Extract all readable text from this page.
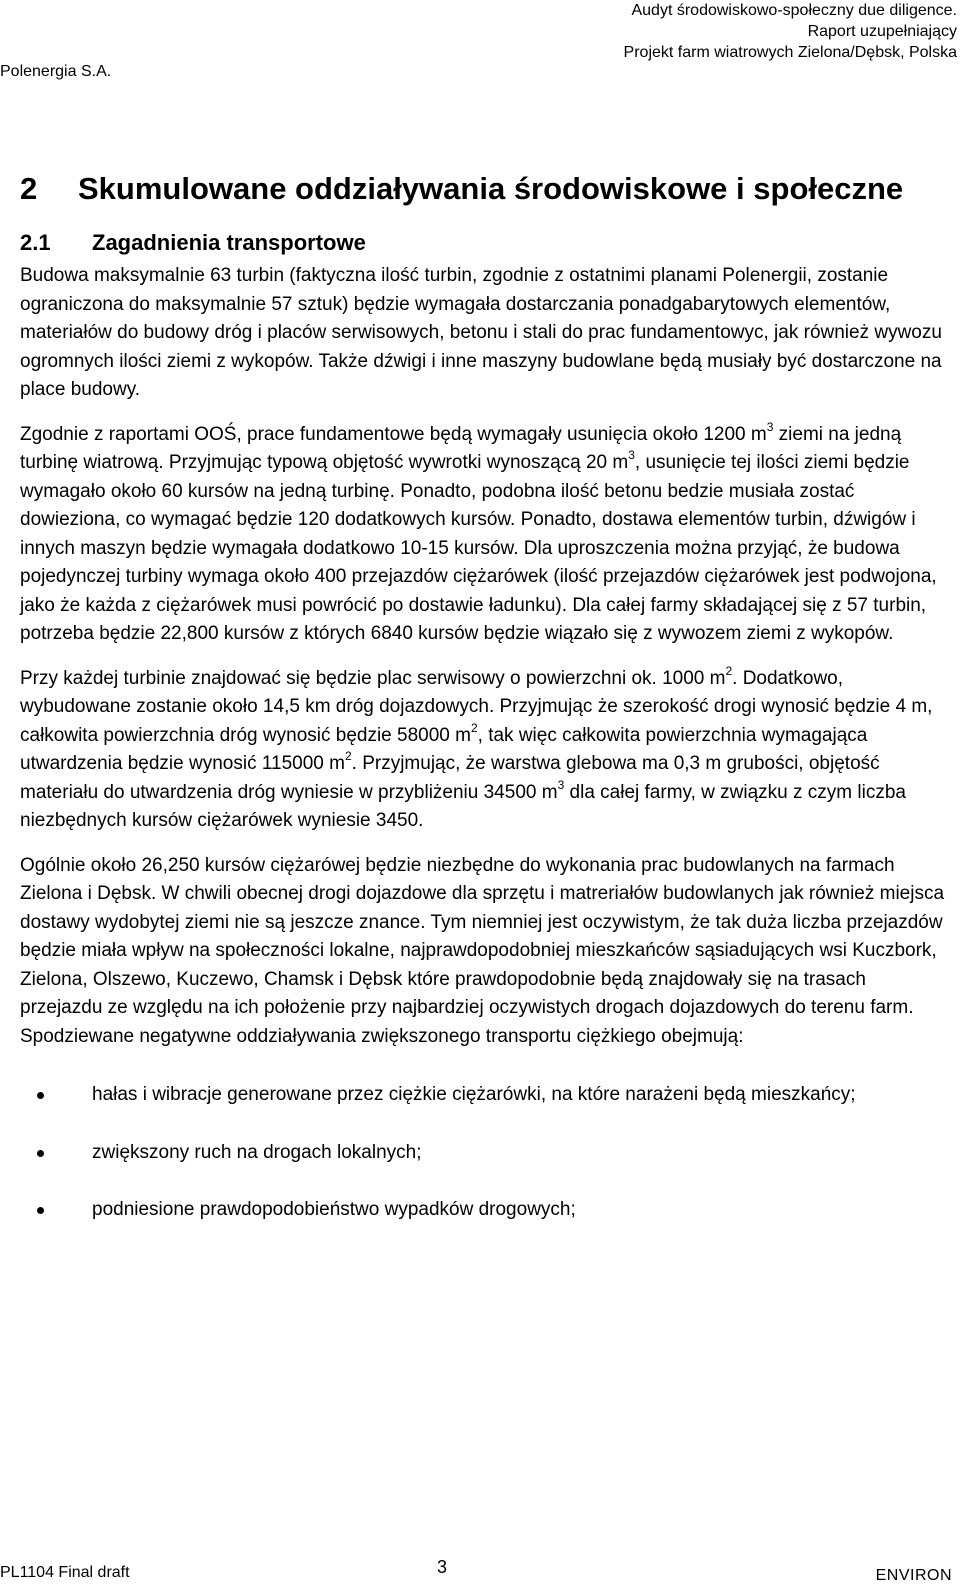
Polenergia S.A.
Audyt środowiskowo-społeczny due diligence.
Raport uzupełniający
Projekt farm wiatrowych Zielona/Dębsk, Polska
2	Skumulowane oddziaływania środowiskowe i społeczne
2.1	Zagadnienia transportowe

Budowa maksymalnie 63 turbin (faktyczna ilość turbin, zgodnie z ostatnimi planami Polenergii, zostanie ograniczona do maksymalnie 57 sztuk) będzie wymagała dostarczania ponadgabarytowych elementów, materiałów do budowy dróg i placów serwisowych, betonu i stali do prac fundamentowyc, jak również wywozu ogromnych ilości ziemi z wykopów. Także dźwigi i inne maszyny budowlane będą musiały być dostarczone na place budowy.

Zgodnie z raportami OOŚ, prace fundamentowe będą wymagały usunięcia około 1200 $m^3$ ziemi na jedną turbinę wiatrową. Przyjmując typową objętość wywrotki wynoszącą 20 $m^3$, usunięcie tej ilości ziemi będzie wymagało około 60 kursów na jedną turbinę. Ponadto, podobna ilość betonu bedzie musiała zostać dowieziona, co wymagać będzie 120 dodatkowych kursów. Ponadto, dostawa elementów turbin, dźwigów i innych maszyn będzie wymagała dodatkowo 10-15 kursów. Dla uproszczenia można przyjąć, że budowa pojedynczej turbiny wymaga około 400 przejazdów ciężarówek (ilość przejazdów ciężarówek jest podwojona, jako że każda z ciężarówek musi powrócić po dostawie ładunku). Dla całej farmy składającej się z 57 turbin, potrzeba będzie 22,800 kursów z których 6840 kursów będzie wiązało się z wywozem ziemi z wykopów.

Przy każdej turbinie znajdować się będzie plac serwisowy o powierzchni ok. 1000 $m^2$. Dodatkowo, wybudowane zostanie około 14,5 km dróg dojazdowych. Przyjmując że szerokość drogi wynosić będzie 4 m, całkowita powierzchnia dróg wynosić będzie 58000 $m^2$, tak więc całkowita powierzchnia wymagająca utwardzenia będzie wynosić 115000 $m^2$. Przyjmując, że warstwa glebowa ma 0,3 m grubości, objętość materiału do utwardzenia dróg wyniesie w przybliżeniu 34500 $m^3$ dla całej farmy, w związku z czym liczba niezbędnych kursów ciężarówek wyniesie 3450.

Ogólnie około 26,250 kursów ciężarówej będzie niezbędne do wykonania prac budowlanych na farmach Zielona i Dębsk. W chwili obecnej drogi dojazdowe dla sprzętu i matreriałów budowlanych jak również miejsca dostawy wydobytej ziemi nie są jeszcze znance. Tym niemniej jest oczywistym, że tak duża liczba przejazdów będzie miała wpływ na społeczności lokalne, najprawdopodobniej mieszkańców sąsiadujących wsi Kuczbork, Zielona, Olszewo, Kuczewo, Chamsk i Dębsk które prawdopodobnie będą znajdowały się na trasach przejazdu ze względu na ich położenie przy najbardziej oczywistych drogach dojazdowych do terenu farm. Spodziewane negatywne oddziaływania zwiększonego transportu ciężkiego obejmują:

hałas i wibracje generowane przez ciężkie ciężarówki, na które narażeni będą mieszkańcy;
zwiększony ruch na drogach lokalnych;
podniesione prawdopodobieństwo wypadków drogowych;
PL1104 Final draft	3	ENVIRON
